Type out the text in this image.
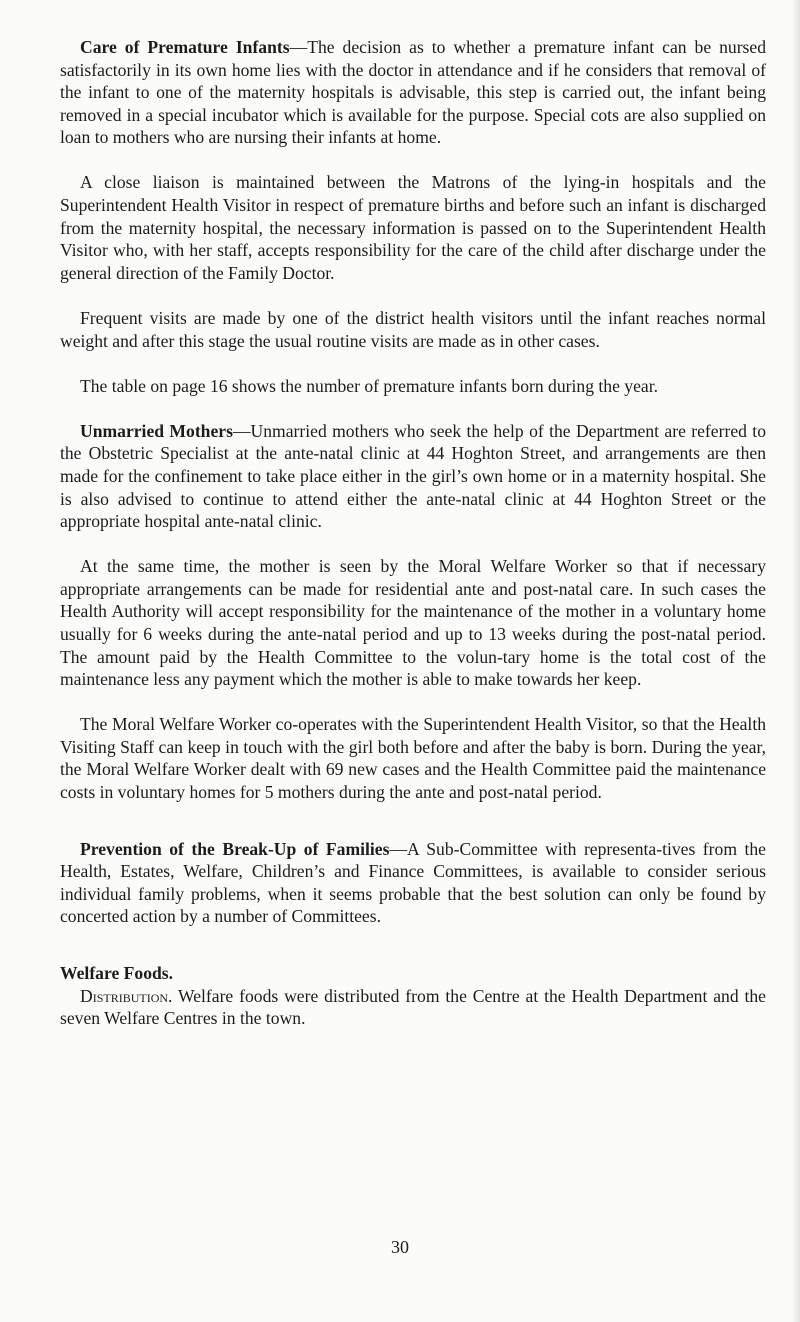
Care of Premature Infants—The decision as to whether a premature infant can be nursed satisfactorily in its own home lies with the doctor in attendance and if he considers that removal of the infant to one of the maternity hospitals is advisable, this step is carried out, the infant being removed in a special incubator which is available for the purpose. Special cots are also supplied on loan to mothers who are nursing their infants at home.

A close liaison is maintained between the Matrons of the lying-in hospitals and the Superintendent Health Visitor in respect of premature births and before such an infant is discharged from the maternity hospital, the necessary information is passed on to the Superintendent Health Visitor who, with her staff, accepts responsibility for the care of the child after discharge under the general direction of the Family Doctor.

Frequent visits are made by one of the district health visitors until the infant reaches normal weight and after this stage the usual routine visits are made as in other cases.

The table on page 16 shows the number of premature infants born during the year.

Unmarried Mothers—Unmarried mothers who seek the help of the Department are referred to the Obstetric Specialist at the ante-natal clinic at 44 Hoghton Street, and arrangements are then made for the confinement to take place either in the girl’s own home or in a maternity hospital. She is also advised to continue to attend either the ante-natal clinic at 44 Hoghton Street or the appropriate hospital ante-natal clinic.

At the same time, the mother is seen by the Moral Welfare Worker so that if necessary appropriate arrangements can be made for residential ante and post-natal care. In such cases the Health Authority will accept responsibility for the maintenance of the mother in a voluntary home usually for 6 weeks during the ante-natal period and up to 13 weeks during the post-natal period. The amount paid by the Health Committee to the volun-tary home is the total cost of the maintenance less any payment which the mother is able to make towards her keep.

The Moral Welfare Worker co-operates with the Superintendent Health Visitor, so that the Health Visiting Staff can keep in touch with the girl both before and after the baby is born. During the year, the Moral Welfare Worker dealt with 69 new cases and the Health Committee paid the maintenance costs in voluntary homes for 5 mothers during the ante and post-natal period.

Prevention of the Break-Up of Families—A Sub-Committee with representa-tives from the Health, Estates, Welfare, Children’s and Finance Committees, is available to consider serious individual family problems, when it seems probable that the best solution can only be found by concerted action by a number of Committees.

Welfare Foods.

Distribution. Welfare foods were distributed from the Centre at the Health Department and the seven Welfare Centres in the town.

30
